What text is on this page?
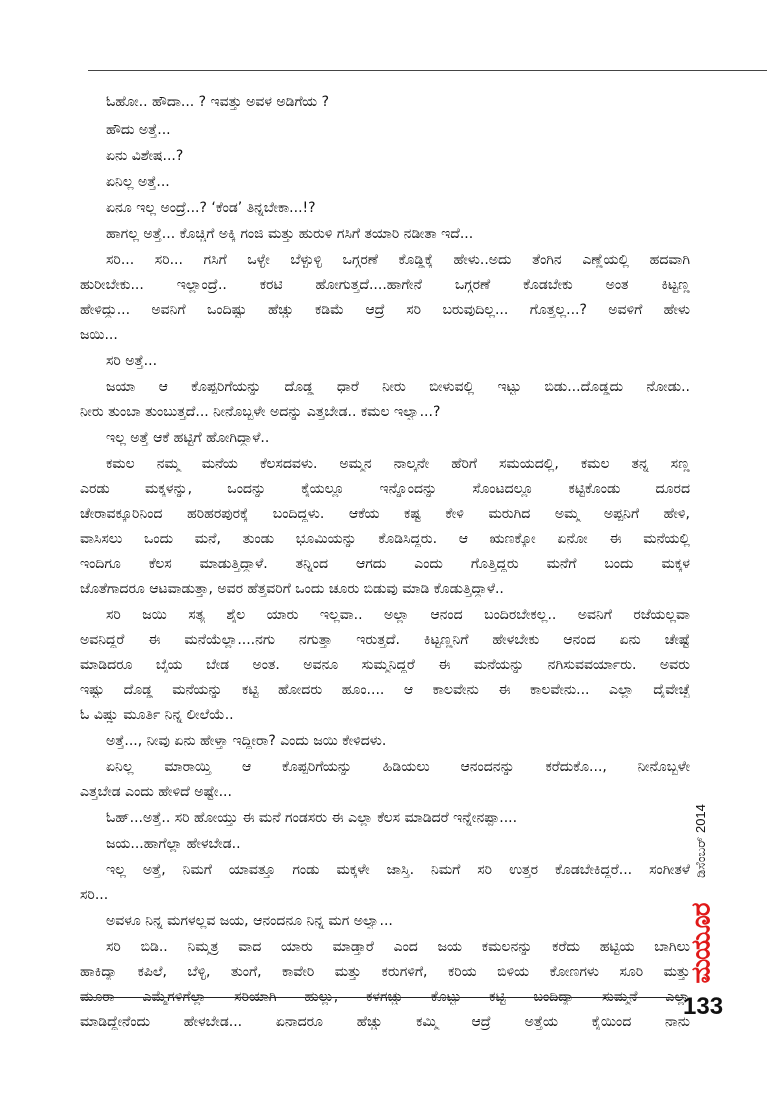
ಓಹೋ.. ಹೌದಾ... ? ಇವತ್ತು ಅವಳ ಅಡಿಗೆಯ ?
ಹೌದು ಅತ್ತೆ...
ಏನು ವಿಶೇಷ...?
ಏನಿಲ್ಲ ಅತ್ತೆ...
ಏನೂ ಇಲ್ಲ ಅಂದ್ರೆ...? ‘ಕೆಂಡ’ ತಿನ್ನಬೇಕಾ...!?
ಹಾಗಲ್ಲ ಅತ್ತೆ... ಕೊಚ್ಚಿಗೆ ಅಕ್ಕಿ ಗಂಜಿ ಮತ್ತು ಹುರುಳಿ ಗಸಿಗೆ ತಯಾರಿ ನಡೀತಾ ಇದೆ...
ಸರಿ... ಸರಿ... ಗಸಿಗೆ ಒಳ್ಳೇ ಬೆಳ್ಳುಳ್ಳಿ ಒಗ್ಗರಣೆ ಕೊಡ್ಡಿಕ್ಕೆ ಹೇಳು..ಅದು ತೆಂಗಿನ ಎಣ್ಣೆಯಲ್ಲಿ ಹದವಾಗಿ
ಹುರೀಬೇಕು... ಇಲ್ಲಾಂದ್ರೆ.. ಕರಟಿ ಹೋಗುತ್ತದೆ....ಹಾಗೇನೆ ಒಗ್ಗರಣೆ ಕೊಡಬೇಕು ಅಂತ ಕಿಟ್ಟಣ್ಣ
ಹೇಳಿದ್ದು... ಅವನಿಗೆ ಒಂದಿಷ್ಟು ಹೆಚ್ಚು ಕಡಿಮೆ ಆದ್ರೆ ಸರಿ ಬರುವುದಿಲ್ಲ... ಗೊತ್ತಲ್ಲ...? ಅವಳಿಗೆ ಹೇಳು
ಜಯಿ...
ಸರಿ ಅತ್ತೆ...
ಜಯಾ ಆ ಕೊಪ್ಪರಿಗೆಯನ್ನು ದೊಡ್ಡ ಧಾರೆ ನೀರು ಬೀಳುವಲ್ಲಿ ಇಟ್ಟು ಬಿಡು...ದೊಡ್ಡದು ನೋಡು..
ನೀರು ತುಂಬಾ ತುಂಬುತ್ತದೆ... ನೀನೊಬ್ಬಳೇ ಅದನ್ನು ಎತ್ತಬೇಡ.. ಕಮಲ ಇಲ್ವಾ...?
ಇಲ್ಲ ಅತ್ತೆ ಆಕೆ ಹಟ್ಟಿಗೆ ಹೋಗಿದ್ದಾಳೆ..
ಕಮಲ ನಮ್ಮ ಮನೆಯ ಕೆಲಸದವಳು. ಅಮ್ಮನ ನಾಲ್ಕನೇ ಹೆರಿಗೆ ಸಮಯದಲ್ಲಿ, ಕಮಲ ತನ್ನ ಸಣ್ಣ
ಎರಡು ಮಕ್ಕಳನ್ನು, ಒಂದನ್ನು ಕೈಯಲ್ಲೂ ಇನ್ನೊಂದನ್ನು ಸೊಂಟದಲ್ಲೂ ಕಟ್ಟಿಕೊಂಡು ದೂರದ
ಚೇರಾವಕ್ಕೂರಿನಿಂದ ಹರಿಹರಪುರಕ್ಕೆ ಬಂದಿದ್ದಳು. ಆಕೆಯ ಕಷ್ಟ ಕೇಳಿ ಮರುಗಿದ ಅಮ್ಮ ಅಪ್ಪನಿಗೆ ಹೇಳಿ,
ವಾಸಿಸಲು ಒಂದು ಮನೆ, ತುಂಡು ಭೂಮಿಯನ್ನು ಕೊಡಿಸಿದ್ದರು. ಆ ಋಣಕ್ಕೋ ಏನೋ ಈ ಮನೆಯಲ್ಲಿ
ಇಂದಿಗೂ ಕೆಲಸ ಮಾಡುತ್ತಿದ್ದಾಳೆ. ತನ್ನಿಂದ ಆಗದು ಎಂದು ಗೊತ್ತಿದ್ದರು ಮನೆಗೆ ಬಂದು ಮಕ್ಕಳ
ಜೊತೆಗಾದರೂ ಆಟವಾಡುತ್ತಾ, ಅವರ ಹೆತ್ತವರಿಗೆ ಒಂದು ಚೂರು ಬಿಡುವು ಮಾಡಿ ಕೊಡುತ್ತಿದ್ದಾಳೆ..
ಸರಿ ಜಯಿ ಸತ್ಯ ಶೈಲ ಯಾರು ಇಲ್ಲವಾ.. ಅಲ್ಲಾ ಆನಂದ ಬಂದಿರಬೇಕಲ್ಲ.. ಅವನಿಗೆ ರಜೆಯಲ್ಲವಾ
ಅವನಿದ್ದರೆ ಈ ಮನೆಯೆಲ್ಲಾ....ನಗು ನಗುತ್ತಾ ಇರುತ್ತದೆ. ಕಿಟ್ಟಣ್ಣನಿಗೆ ಹೇಳಬೇಕು ಆನಂದ ಏನು ಚೇಷ್ಟೆ
ಮಾಡಿದರೂ ಬೈಯ ಬೇಡ ಅಂತ. ಅವನೂ ಸುಮ್ಮನಿದ್ದರೆ ಈ ಮನೆಯನ್ನು ನಗಿಸುವವರ್ಯಾರು. ಅವರು
ಇಷ್ಟು ದೊಡ್ಡ ಮನೆಯನ್ನು ಕಟ್ಟಿ ಹೋದರು ಹೂಂ.... ಆ ಕಾಲವೇನು ಈ ಕಾಲವೇನು... ಎಲ್ಲಾ ದೈವೇಚ್ಛೆ
ಓ ವಿಷ್ಣು ಮೂರ್ತಿ ನಿನ್ನ ಲೀಲೆಯೆ..
ಅತ್ತೆ..., ನೀವು ಏನು ಹೇಳ್ತಾ ಇದ್ದೀರಾ? ಎಂದು ಜಯಿ ಕೇಳಿದಳು.
ಏನಿಲ್ಲ ಮಾರಾಯ್ತಿ ಆ ಕೊಪ್ಪರಿಗೆಯನ್ನು ಹಿಡಿಯಲು ಆನಂದನನ್ನು ಕರೆದುಕೊ..., ನೀನೊಬ್ಬಳೇ
ಎತ್ತಬೇಡ ಎಂದು ಹೇಳಿದೆ ಅಷ್ಟೇ...
ಓಹ್...ಅತ್ತೆ.. ಸರಿ ಹೋಯ್ತು ಈ ಮನೆ ಗಂಡಸರು ಈ ಎಲ್ಲಾ ಕೆಲಸ ಮಾಡಿದರೆ ಇನ್ನೇನಪ್ಪಾ....
ಜಯ...ಹಾಗೆಲ್ಲಾ ಹೇಳಬೇಡ..
ಇಲ್ಲ ಅತ್ತೆ, ನಿಮಗೆ ಯಾವತ್ತೂ ಗಂಡು ಮಕ್ಕಳೇ ಜಾಸ್ತಿ. ನಿಮಗೆ ಸರಿ ಉತ್ತರ ಕೊಡಬೇಕಿದ್ದರೆ... ಸಂಗೀತಳೆ
ಸರಿ...
ಅವಳೂ ನಿನ್ನ ಮಗಳಲ್ಲವ ಜಯ, ಆನಂದನೂ ನಿನ್ನ ಮಗ ಅಲ್ವಾ...
ಸರಿ ಬಿಡಿ.. ನಿಮ್ಮತ್ರ ವಾದ ಯಾರು ಮಾಡ್ತಾರೆ ಎಂದ ಜಯ ಕಮಲನನ್ನು ಕರೆದು ಹಟ್ಟಿಯ ಬಾಗಿಲು
ಹಾಕಿದ್ಯಾ ಕಪಿಲೆ, ಬೆಳ್ಳಿ, ತುಂಗೆ, ಕಾವೇರಿ ಮತ್ತು ಕರುಗಳಿಗೆ, ಕರಿಯ ಬಿಳಿಯ ಕೋಣಗಳು ಸೂರಿ ಮತ್ತು
ಮೂರಾ ಎಮ್ಮೆಗಳಿಗೆಲ್ಲಾ ಸರಿಯಾಗಿ ಹುಲ್ಲು, ಕಳಗಚ್ಚು ಕೊಟ್ಟು ಕಟ್ಟಿ ಬಂದಿದ್ಯಾ ಸುಮ್ಮನೆ ಎಲ್ಲಾ
ಮಾಡಿದ್ದೇನೆಂದು ಹೇಳಬೇಡ... ಏನಾದರೂ ಹೆಚ್ಚು ಕಮ್ಮಿ ಆದ್ರೆ ಅತ್ತೆಯ ಕೈಯಿಂದ ನಾನು
ಡಿಸೆಂಬರ್ 2014
ಮಯೂರ
133
